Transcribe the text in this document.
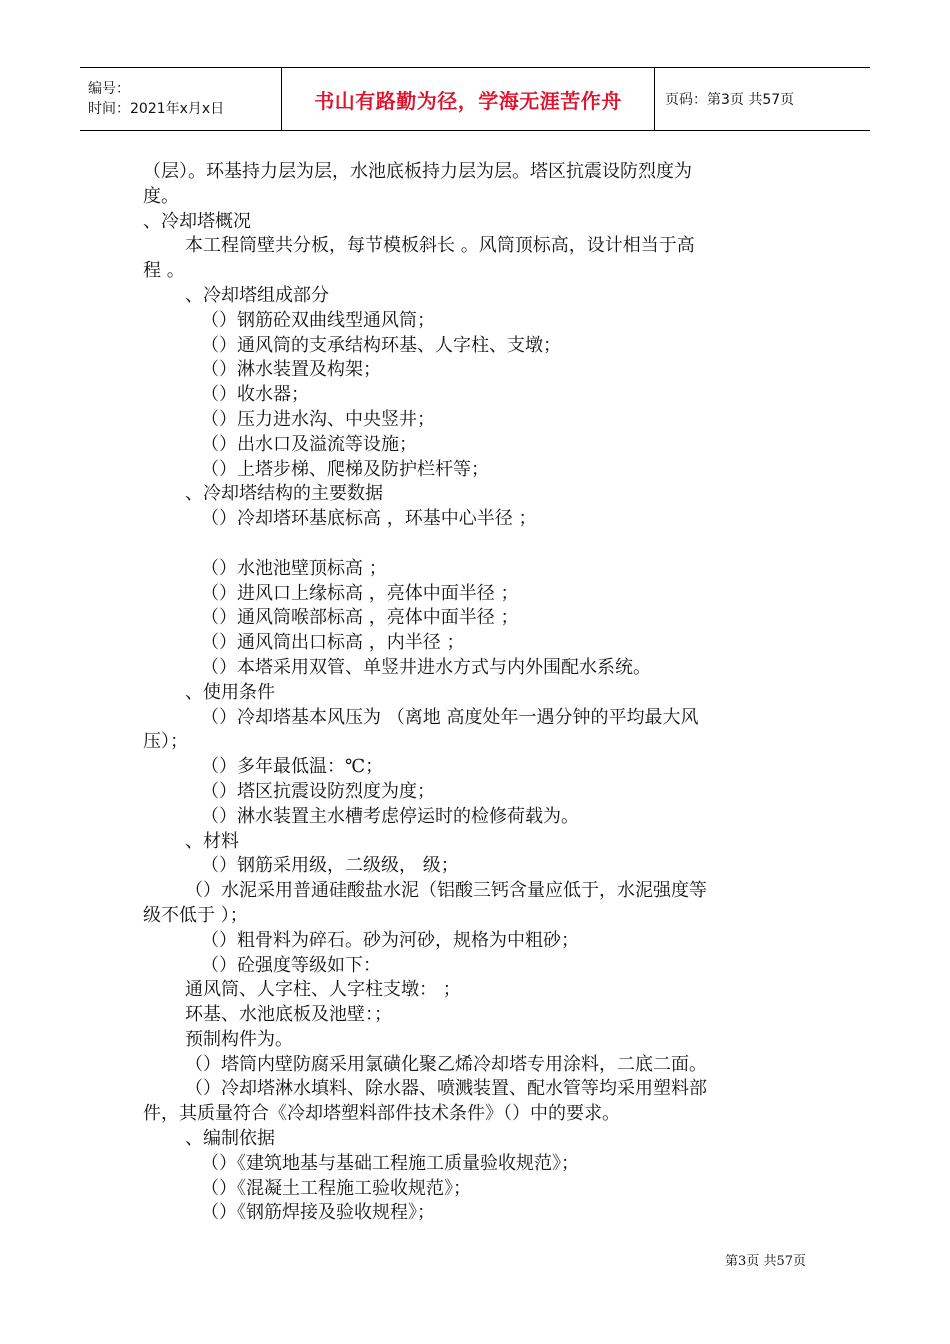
编号：
时间：2021年x月x日	书山有路勤为径，学海无涯苦作舟	页码：第3页 共57页

（层）。环基持力层为层，水池底板持力层为层。塔区抗震设防烈度为

度。

、冷却塔概况

本工程筒壁共分板，每节模板斜长 。风筒顶标高，设计相当于高

程 。

、冷却塔组成部分

（）钢筋砼双曲线型通风筒；

（）通风筒的支承结构环基、人字柱、支墩；

（）淋水装置及构架；

（）收水器；

（）压力进水沟、中央竖井；

（）出水口及溢流等设施；

（）上塔步梯、爬梯及防护栏杆等；

、冷却塔结构的主要数据

（）冷却塔环基底标高 ，环基中心半径 ；

（）水池池壁顶标高 ；

（）进风口上缘标高 ，亮体中面半径 ；

（）通风筒喉部标高 ，亮体中面半径 ；

（）通风筒出口标高 ，内半径 ；

（）本塔采用双管、单竖井进水方式与内外围配水系统。

、使用条件

（）冷却塔基本风压为 （离地 高度处年一遇分钟的平均最大风

压）；

（）多年最低温：℃；

（）塔区抗震设防烈度为度；

（）淋水装置主水槽考虑停运时的检修荷载为。

、材料

（）钢筋采用级，二级级， 级；

（）水泥采用普通硅酸盐水泥（铝酸三钙含量应低于，水泥强度等

级不低于 ）；

（）粗骨料为碎石。砂为河砂，规格为中粗砂；

（）砼强度等级如下：

通风筒、人字柱、人字柱支墩： ；

环基、水池底板及池壁：；

预制构件为。

（）塔筒内壁防腐采用氯磺化聚乙烯冷却塔专用涂料，二底二面。

（）冷却塔淋水填料、除水器、喷溅装置、配水管等均采用塑料部

件，其质量符合《冷却塔塑料部件技术条件》（）中的要求。

、编制依据

（）《建筑地基与基础工程施工质量验收规范》；

（）《混凝土工程施工验收规范》；

（）《钢筋焊接及验收规程》；

第3页 共57页
